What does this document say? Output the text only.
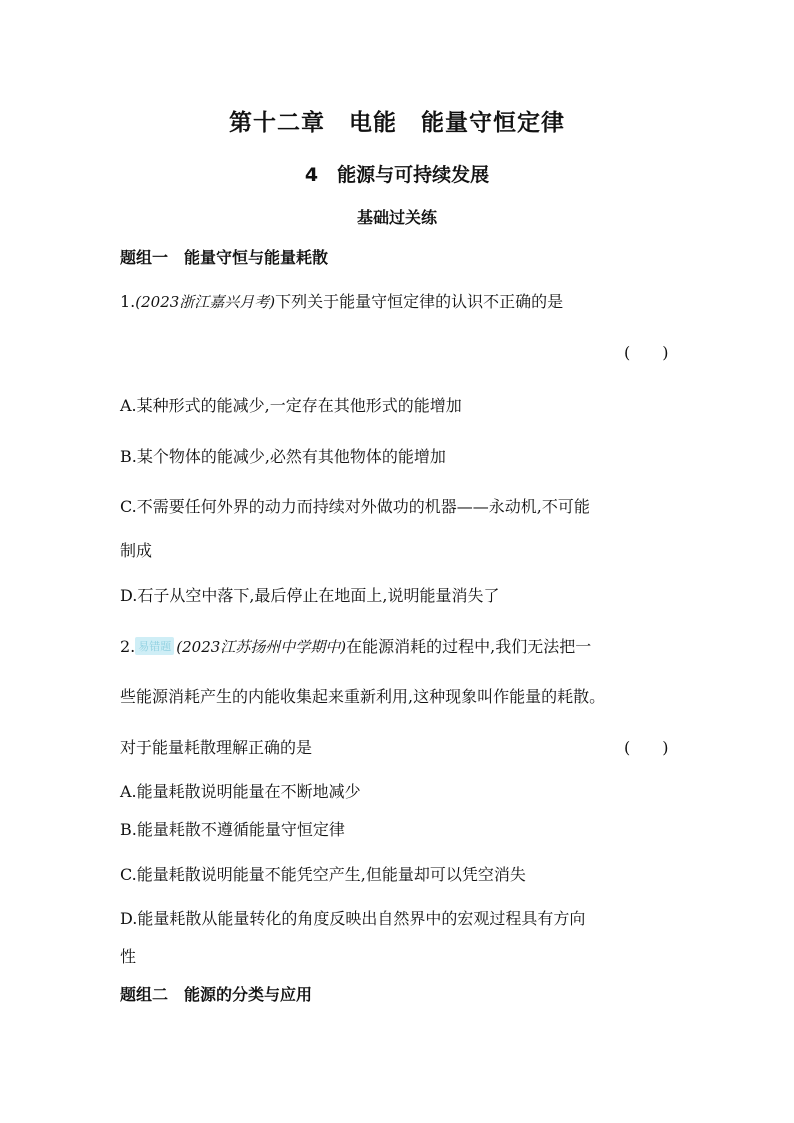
第十二章　电能　能量守恒定律
4　能源与可持续发展
基础过关练
题组一　能量守恒与能量耗散
1.(2023浙江嘉兴月考)下列关于能量守恒定律的认识不正确的是
(　　)
A.某种形式的能减少,一定存在其他形式的能增加
B.某个物体的能减少,必然有其他物体的能增加
C.不需要任何外界的动力而持续对外做功的机器——永动机,不可能
制成
D.石子从空中落下,最后停止在地面上,说明能量消失了
2. 易错题 (2023江苏扬州中学期中)在能源消耗的过程中,我们无法把一
些能源消耗产生的内能收集起来重新利用,这种现象叫作能量的耗散。
对于能量耗散理解正确的是	(　　)
A.能量耗散说明能量在不断地减少
B.能量耗散不遵循能量守恒定律
C.能量耗散说明能量不能凭空产生,但能量却可以凭空消失
D.能量耗散从能量转化的角度反映出自然界中的宏观过程具有方向
性
题组二　能源的分类与应用
